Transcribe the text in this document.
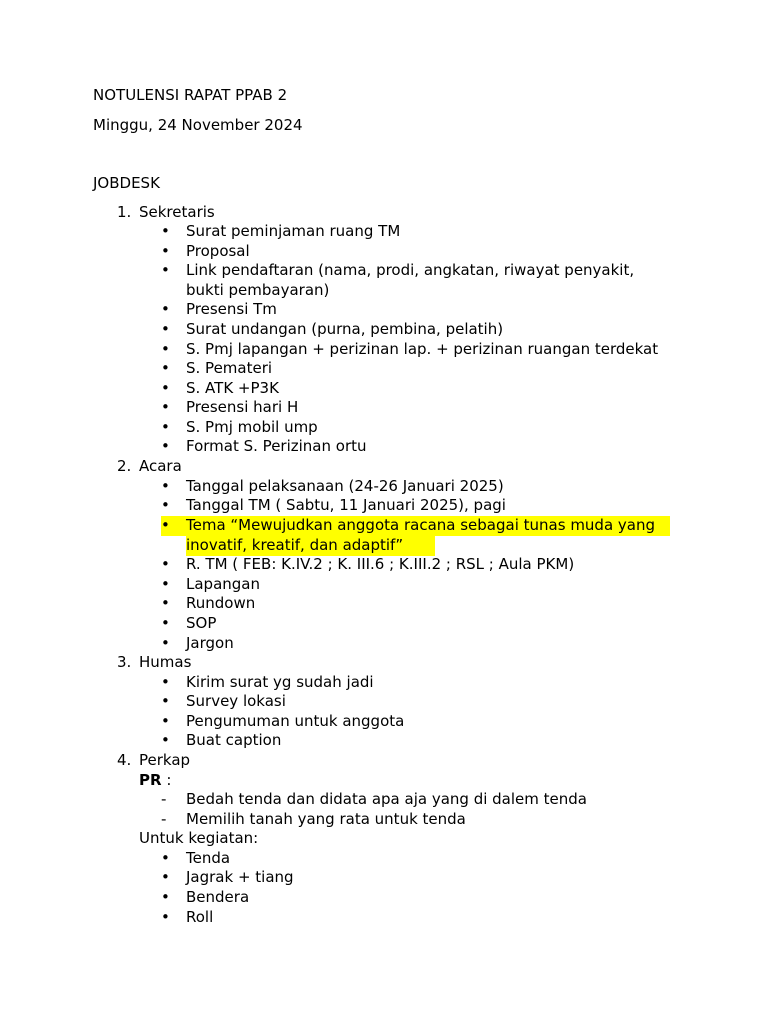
NOTULENSI RAPAT PPAB 2
Minggu, 24 November 2024
JOBDESK
1. Sekretaris
•	Surat peminjaman ruang TM
•	Proposal
•	Link pendaftaran (nama, prodi, angkatan, riwayat penyakit,
bukti pembayaran)
•	Presensi Tm
•	Surat undangan (purna, pembina, pelatih)
•	S. Pmj lapangan + perizinan lap. + perizinan ruangan terdekat
•	S. Pemateri
•	S. ATK +P3K
•	Presensi hari H
•	S. Pmj mobil ump
•	Format S. Perizinan ortu
2. Acara
•	Tanggal pelaksanaan (24-26 Januari 2025)
•	Tanggal TM ( Sabtu, 11 Januari 2025), pagi
•	Tema “Mewujudkan anggota racana sebagai tunas muda yang
inovatif, kreatif, dan adaptif”
•	R. TM ( FEB: K.IV.2 ; K. III.6 ; K.III.2 ; RSL ; Aula PKM)
•	Lapangan
•	Rundown
•	SOP
•	Jargon
3. Humas
•	Kirim surat yg sudah jadi
•	Survey lokasi
•	Pengumuman untuk anggota
•	Buat caption
4. Perkap
PR :
-	Bedah tenda dan didata apa aja yang di dalem tenda
-	Memilih tanah yang rata untuk tenda
Untuk kegiatan:
•	Tenda
•	Jagrak + tiang
•	Bendera
•	Roll
